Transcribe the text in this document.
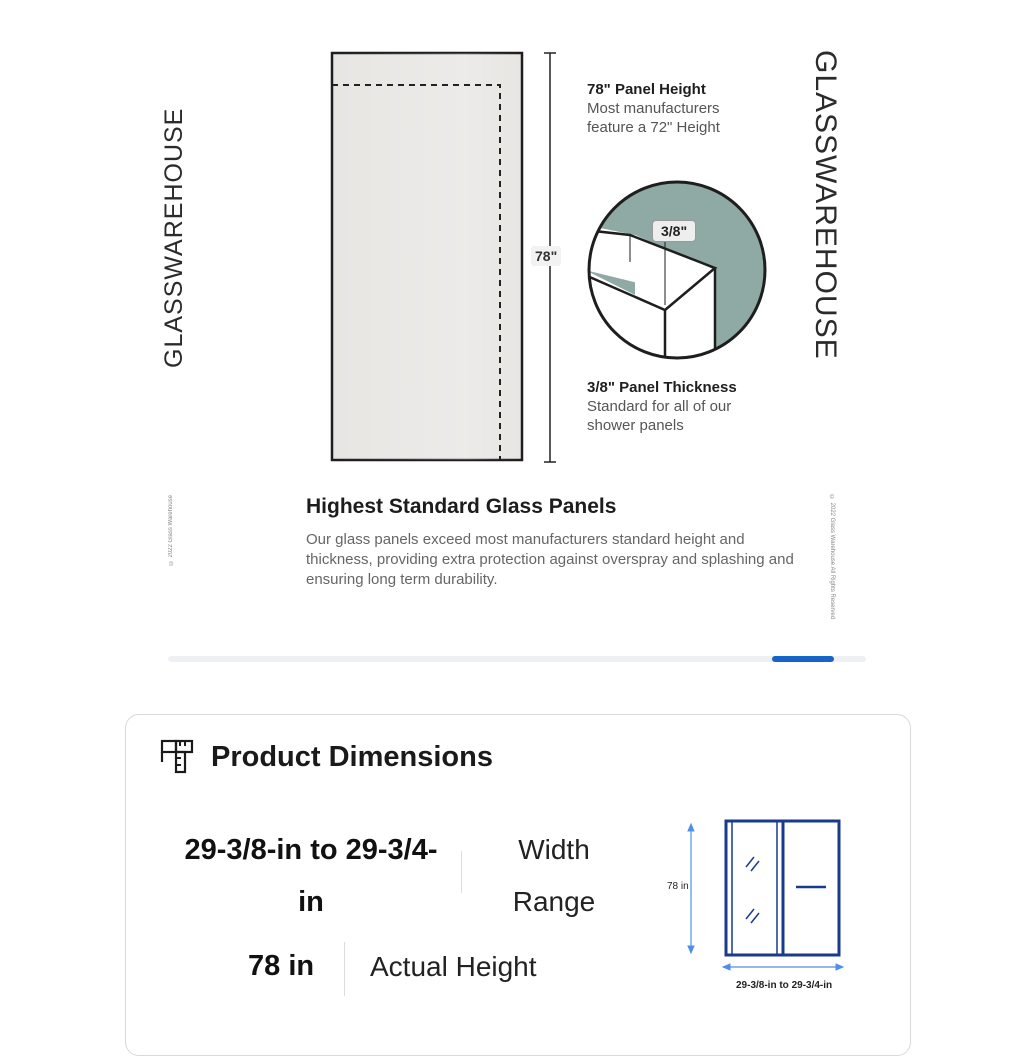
GLASSWAREHOUSE	GLASSWAREHOUSE
© 2022 Glass Warehouse	© 2022 Glass Warehouse All Rights Reserved
78" Panel Height
Most manufacturers
feature a 72" Height
78"
3/8"
3/8" Panel Thickness
Standard for all of our
shower panels
Highest Standard Glass Panels
Our glass panels exceed most manufacturers standard height and thickness, providing extra protection against overspray and splashing and ensuring long term durability.
Product Dimensions
29-3/8-in to 29-3/4-in
Width Range
78 in Actual Height
78 in
29-3/8-in to 29-3/4-in
